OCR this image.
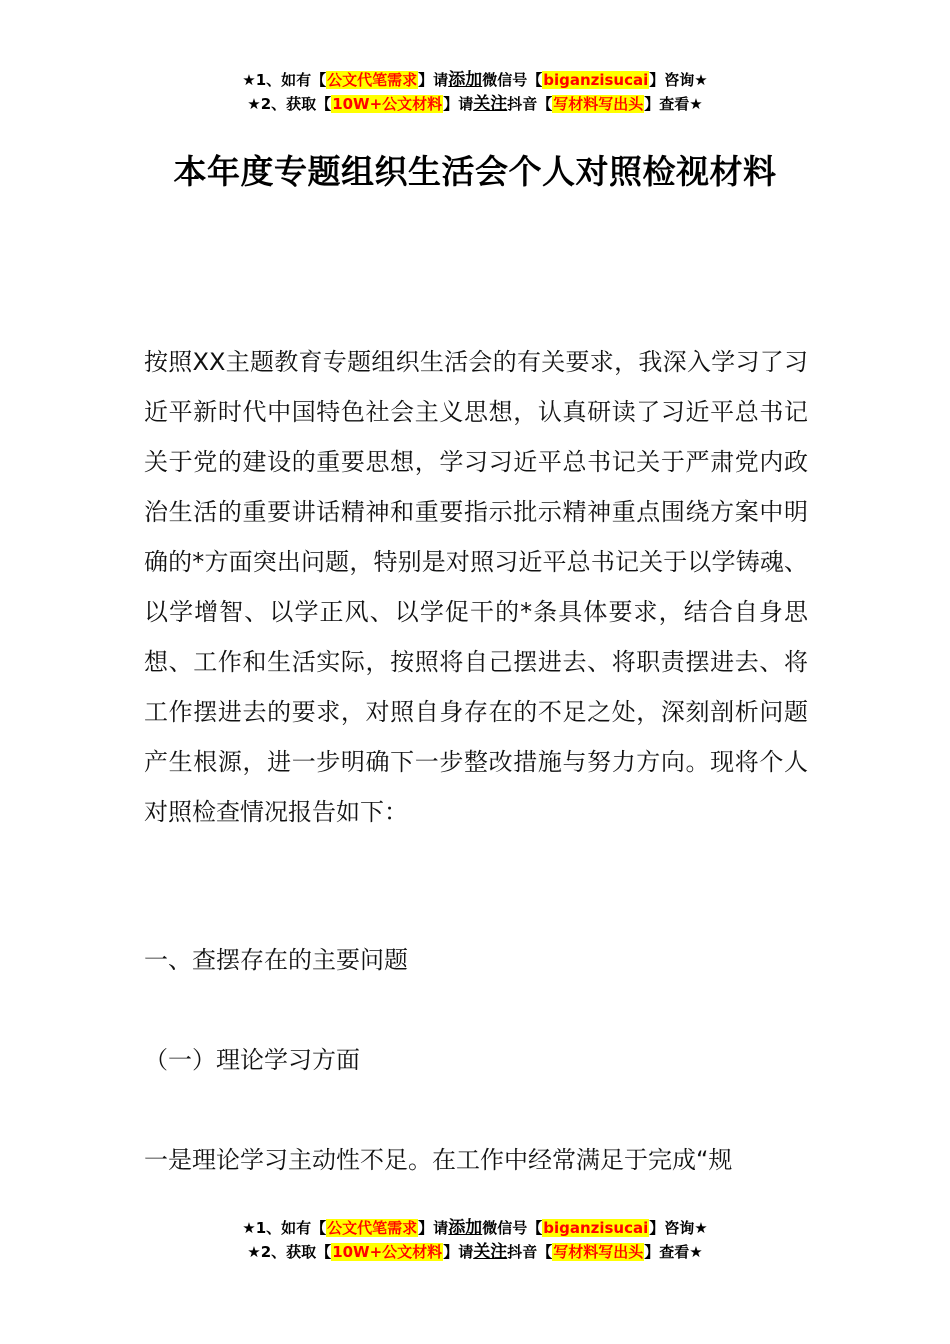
★1、如有【公文代笔需求】请添加微信号【biganzisucai】咨询★
★2、获取【10W+公文材料】请关注抖音【写材料写出头】查看★
本年度专题组织生活会个人对照检视材料

按照XX主题教育专题组织生活会的有关要求，我深入学习了习近平新时代中国特色社会主义思想，认真研读了习近平总书记关于党的建设的重要思想，学习习近平总书记关于严肃党内政治生活的重要讲话精神和重要指示批示精神重点围绕方案中明确的*方面突出问题，特别是对照习近平总书记关于以学铸魂、以学增智、以学正风、以学促干的*条具体要求，结合自身思想、工作和生活实际，按照将自己摆进去、将职责摆进去、将工作摆进去的要求，对照自身存在的不足之处，深刻剖析问题产生根源，进一步明确下一步整改措施与努力方向。现将个人对照检查情况报告如下：

一、查摆存在的主要问题

（一）理论学习方面

一是理论学习主动性不足。在工作中经常满足于完成“规

★1、如有【公文代笔需求】请添加微信号【biganzisucai】咨询★
★2、获取【10W+公文材料】请关注抖音【写材料写出头】查看★
